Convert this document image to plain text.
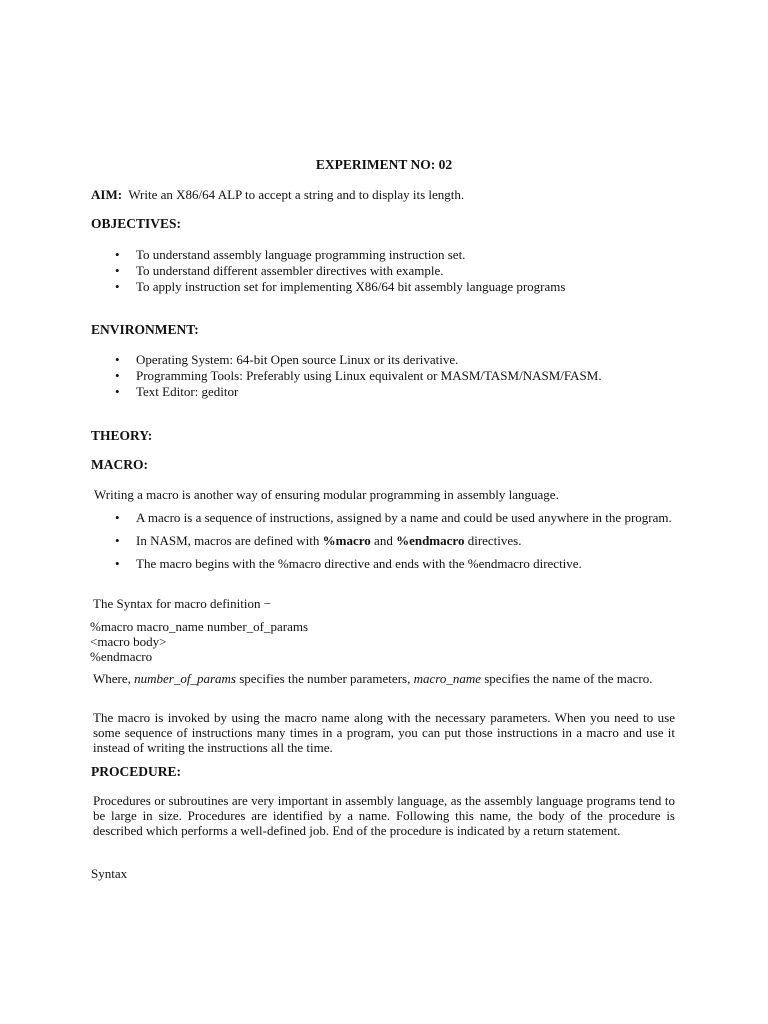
EXPERIMENT NO: 02

AIM: Write an X86/64 ALP to accept a string and to display its length.

OBJECTIVES:

• To understand assembly language programming instruction set.
• To understand different assembler directives with example.
• To apply instruction set for implementing X86/64 bit assembly language programs

ENVIRONMENT:

• Operating System: 64-bit Open source Linux or its derivative.
• Programming Tools: Preferably using Linux equivalent or MASM/TASM/NASM/FASM.
• Text Editor: geditor

THEORY:

MACRO:

Writing a macro is another way of ensuring modular programming in assembly language.

• A macro is a sequence of instructions, assigned by a name and could be used anywhere in the program.
• In NASM, macros are defined with %macro and %endmacro directives.
• The macro begins with the %macro directive and ends with the %endmacro directive.

The Syntax for macro definition −

%macro macro_name number_of_params

<macro body>

%endmacro

Where, number_of_params specifies the number parameters, macro_name specifies the name of the macro.

The macro is invoked by using the macro name along with the necessary parameters. When you need to use some sequence of instructions many times in a program, you can put those instructions in a macro and use it instead of writing the instructions all the time.

PROCEDURE:

Procedures or subroutines are very important in assembly language, as the assembly language programs tend to be large in size. Procedures are identified by a name. Following this name, the body of the procedure is described which performs a well-defined job. End of the procedure is indicated by a return statement.

Syntax
